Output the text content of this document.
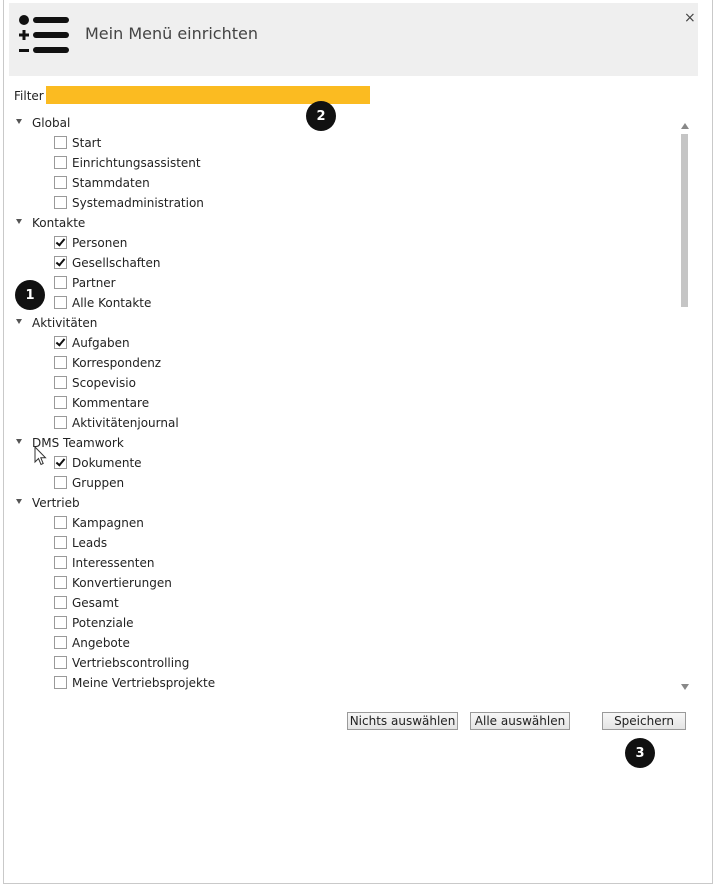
Mein Menü einrichten
×
Filter
2
Global
Start
Einrichtungsassistent
Stammdaten
Systemadministration
Kontakte
Personen
Gesellschaften
Partner
Alle Kontakte
Aktivitäten
Aufgaben
Korrespondenz
Scopevisio
Kommentare
Aktivitätenjournal
DMS Teamwork
Dokumente
Gruppen
Vertrieb
Kampagnen
Leads
Interessenten
Konvertierungen
Gesamt
Potenziale
Angebote
Vertriebscontrolling
Meine Vertriebsprojekte
1
Nichts auswählen	Alle auswählen	Speichern
3
